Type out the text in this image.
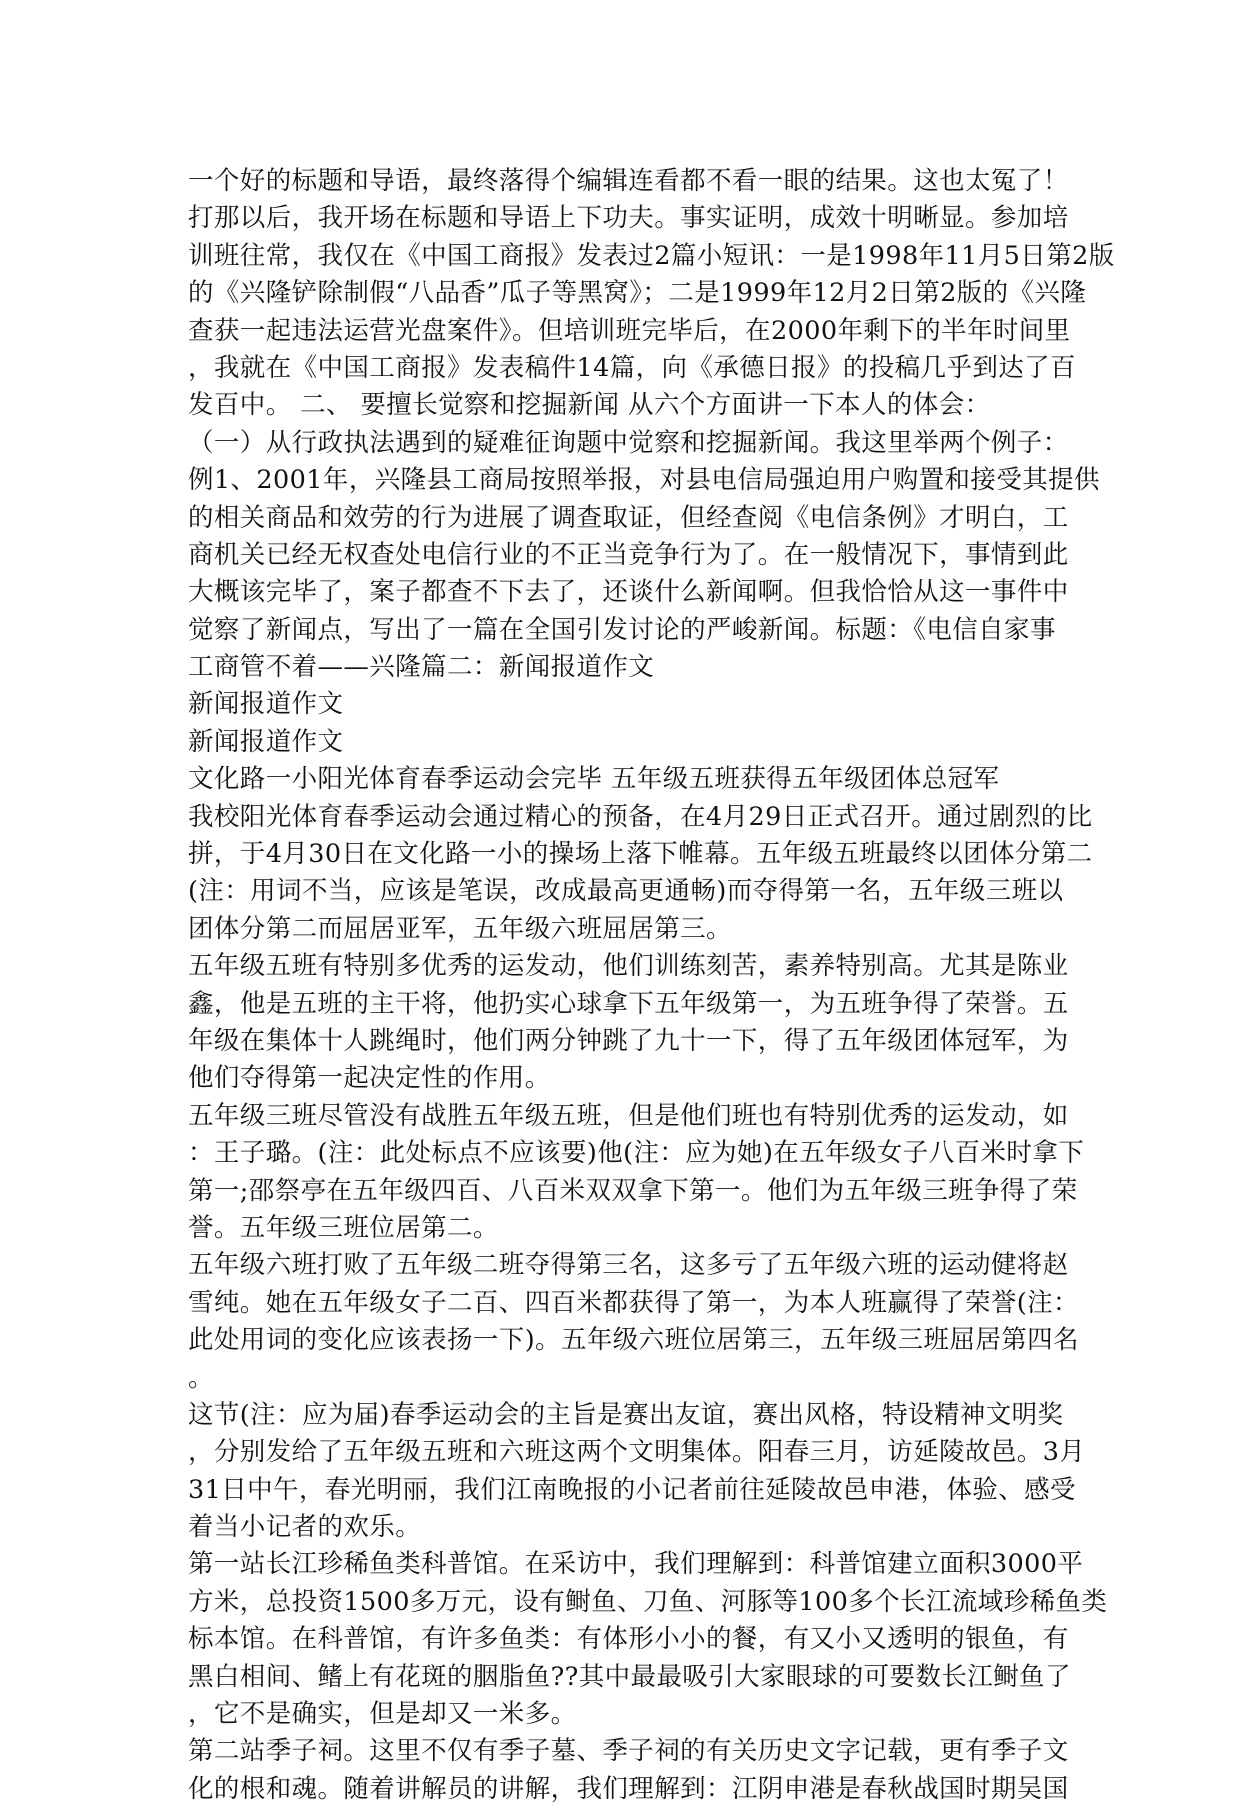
一个好的标题和导语，最终落得个编辑连看都不看一眼的结果。这也太冤了！
打那以后，我开场在标题和导语上下功夫。事实证明，成效十明晰显。参加培
训班往常，我仅在《中国工商报》发表过2篇小短讯：一是1998年11月5日第2版
的《兴隆铲除制假“八品香”瓜子等黑窝》；二是1999年12月2日第2版的《兴隆
查获一起违法运营光盘案件》。但培训班完毕后，在2000年剩下的半年时间里
，我就在《中国工商报》发表稿件14篇，向《承德日报》的投稿几乎到达了百
发百中。 二、 要擅长觉察和挖掘新闻 从六个方面讲一下本人的体会：
（一）从行政执法遇到的疑难征询题中觉察和挖掘新闻。我这里举两个例子：
例1、2001年，兴隆县工商局按照举报，对县电信局强迫用户购置和接受其提供
的相关商品和效劳的行为进展了调查取证，但经查阅《电信条例》才明白，工
商机关已经无权查处电信行业的不正当竞争行为了。在一般情况下，事情到此
大概该完毕了，案子都查不下去了，还谈什么新闻啊。但我恰恰从这一事件中
觉察了新闻点，写出了一篇在全国引发讨论的严峻新闻。标题：《电信自家事
工商管不着——兴隆篇二：新闻报道作文
新闻报道作文
新闻报道作文
文化路一小阳光体育春季运动会完毕 五年级五班获得五年级团体总冠军
我校阳光体育春季运动会通过精心的预备，在4月29日正式召开。通过剧烈的比
拼，于4月30日在文化路一小的操场上落下帷幕。五年级五班最终以团体分第二
(注：用词不当，应该是笔误，改成最高更通畅)而夺得第一名，五年级三班以
团体分第二而屈居亚军，五年级六班屈居第三。
五年级五班有特别多优秀的运发动，他们训练刻苦，素养特别高。尤其是陈业
鑫，他是五班的主干将，他扔实心球拿下五年级第一，为五班争得了荣誉。五
年级在集体十人跳绳时，他们两分钟跳了九十一下，得了五年级团体冠军，为
他们夺得第一起决定性的作用。
五年级三班尽管没有战胜五年级五班，但是他们班也有特别优秀的运发动，如
：王子璐。(注：此处标点不应该要)他(注：应为她)在五年级女子八百米时拿下
第一;邵祭亭在五年级四百、八百米双双拿下第一。他们为五年级三班争得了荣
誉。五年级三班位居第二。
五年级六班打败了五年级二班夺得第三名，这多亏了五年级六班的运动健将赵
雪纯。她在五年级女子二百、四百米都获得了第一，为本人班赢得了荣誉(注：
此处用词的变化应该表扬一下)。五年级六班位居第三，五年级三班屈居第四名
。
这节(注：应为届)春季运动会的主旨是赛出友谊，赛出风格，特设精神文明奖
，分别发给了五年级五班和六班这两个文明集体。阳春三月，访延陵故邑。3月
31日中午，春光明丽，我们江南晚报的小记者前往延陵故邑申港，体验、感受
着当小记者的欢乐。
第一站长江珍稀鱼类科普馆。在采访中，我们理解到：科普馆建立面积3000平
方米，总投资1500多万元，设有鲥鱼、刀鱼、河豚等100多个长江流域珍稀鱼类
标本馆。在科普馆，有许多鱼类：有体形小小的餐，有又小又透明的银鱼，有
黑白相间、鳍上有花斑的胭脂鱼??其中最最吸引大家眼球的可要数长江鲥鱼了
，它不是确实，但是却又一米多。
第二站季子祠。这里不仅有季子墓、季子祠的有关历史文字记载，更有季子文
化的根和魂。随着讲解员的讲解，我们理解到：江阴申港是春秋战国时期吴国
